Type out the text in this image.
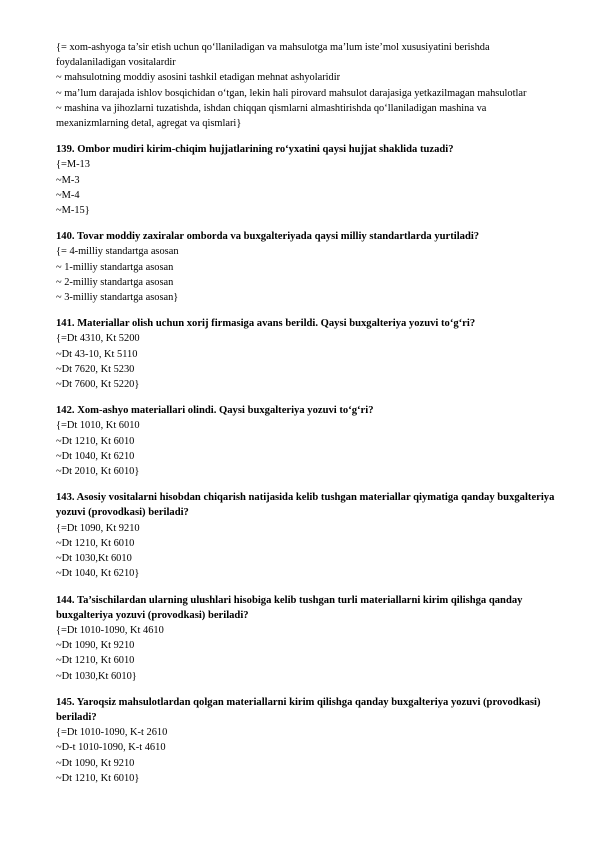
{= xom-ashyoga ta’sir etish uchun qo‘llaniladigan va mahsulotga ma’lum iste’mol xususiyatini berishda foydalaniladigan vositalardir
~ mahsulotning moddiy asosini tashkil etadigan mehnat ashyolaridir
~ ma’lum darajada ishlov bosqichidan o‘tgan, lekin hali pirovard mahsulot darajasiga yetkazilmagan mahsulotlar
~ mashina va jihozlarni tuzatishda, ishdan chiqqan qismlarni almashtirishda qo‘llaniladigan mashina va mexanizmlarning detal, agregat va qismlari}
139. Ombor mudiri kirim-chiqim hujjatlarining ro‘yxatini qaysi hujjat shaklida tuzadi?
{=M-13
~M-3
~M-4
~M-15}
140. Tovar moddiy zaxiralar omborda va buxgalteriyada qaysi milliy standartlarda yurtiladi?
{= 4-milliy standartga asosan
~ 1-milliy standartga asosan
~ 2-milliy standartga asosan
~ 3-milliy standartga asosan}
141. Materiallar olish uchun xorij firmasiga avans berildi. Qaysi buxgalteriya yozuvi to‘g‘ri?
{=Dt 4310, Kt 5200
~Dt 43-10, Kt 5110
~Dt 7620, Kt 5230
~Dt 7600, Kt 5220}
142. Xom-ashyo materiallari olindi. Qaysi buxgalteriya yozuvi to‘g‘ri?
{=Dt 1010, Kt 6010
~Dt 1210, Kt 6010
~Dt 1040, Kt 6210
~Dt 2010, Kt 6010}
143. Asosiy vositalarni hisobdan chiqarish natijasida kelib tushgan materiallar qiymatiga qanday buxgalteriya yozuvi (provodkasi) beriladi?
{=Dt 1090, Kt 9210
~Dt 1210, Kt 6010
~Dt 1030,Kt 6010
~Dt 1040, Kt 6210}
144. Ta’sischilardan ularning ulushlari hisobiga kelib tushgan turli materiallarni kirim qilishga qanday buxgalteriya yozuvi (provodkasi) beriladi?
{=Dt 1010-1090, Kt 4610
~Dt 1090, Kt 9210
~Dt 1210, Kt 6010
~Dt 1030,Kt 6010}
145. Yaroqsiz mahsulotlardan qolgan materiallarni kirim qilishga qanday buxgalteriya yozuvi (provodkasi) beriladi?
{=Dt 1010-1090, K-t 2610
~D-t 1010-1090, K-t 4610
~Dt 1090, Kt 9210
~Dt 1210, Kt 6010}
